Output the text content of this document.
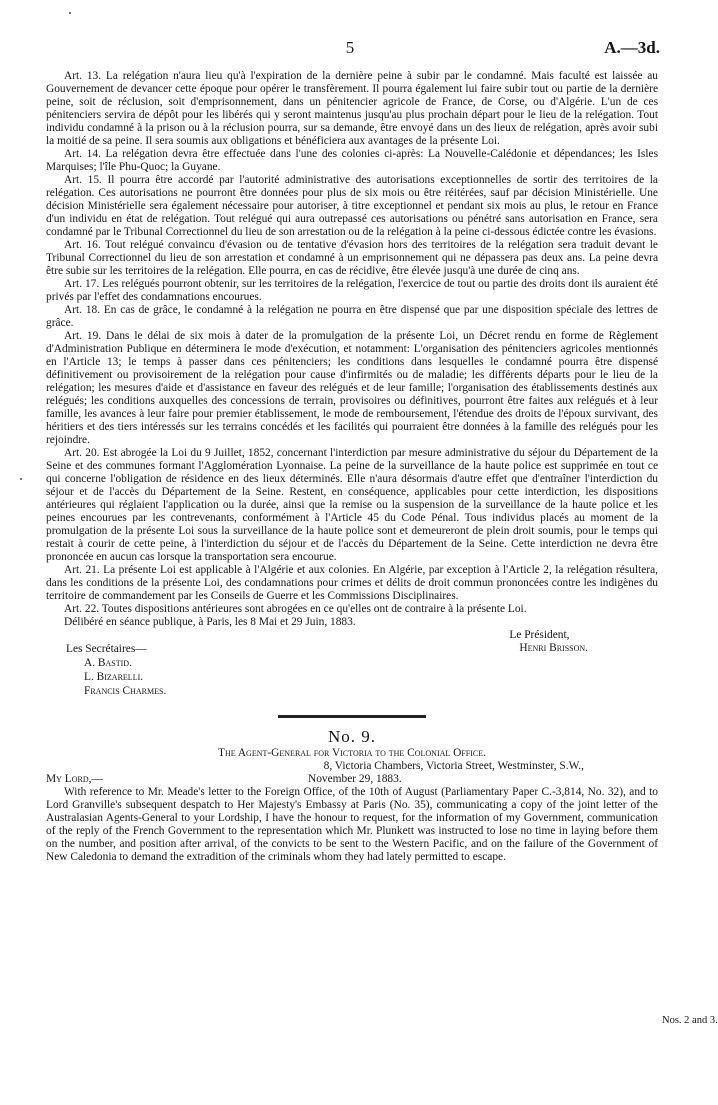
5	A.—3d.

Art. 13. La relégation n'aura lieu qu'à l'expiration de la dernière peine à subir par le condamné. Mais faculté est laissée au Gouvernement de devancer cette époque pour opérer le transfèrement. Il pourra également lui faire subir tout ou partie de la dernière peine, soit de réclusion, soit d'emprisonnement, dans un pénitencier agricole de France, de Corse, ou d'Algérie. L'un de ces pénitenciers servira de dépôt pour les libérés qui y seront maintenus jusqu'au plus prochain départ pour le lieu de la relégation. Tout individu condamné à la prison ou à la réclusion pourra, sur sa demande, être envoyé dans un des lieux de relégation, après avoir subi la moitié de sa peine. Il sera soumis aux obligations et bénéficiera aux avantages de la présente Loi.

Art. 14. La relégation devra être effectuée dans l'une des colonies ci-après: La Nouvelle-Calédonie et dépendances; les Isles Marquises; l'île Phu-Quoc; la Guyane.

Art. 15. Il pourra être accordé par l'autorité administrative des autorisations exceptionnelles de sortir des territoires de la relégation. Ces autorisations ne pourront être données pour plus de six mois ou être réitérées, sauf par décision Ministérielle. Une décision Ministérielle sera également nécessaire pour autoriser, à titre exceptionnel et pendant six mois au plus, le retour en France d'un individu en état de relégation. Tout relégué qui aura outrepassé ces autorisations ou pénétré sans autorisation en France, sera condamné par le Tribunal Correctionnel du lieu de son arrestation ou de la relégation à la peine ci-dessous édictée contre les évasions.

Art. 16. Tout relégué convaincu d'évasion ou de tentative d'évasion hors des territoires de la relégation sera traduit devant le Tribunal Correctionnel du lieu de son arrestation et condamné à un emprisonnement qui ne dépassera pas deux ans. La peine devra être subie sur les territoires de la relégation. Elle pourra, en cas de récidive, être élevée jusqu'à une durée de cinq ans.

Art. 17. Les relégués pourront obtenir, sur les territoires de la relégation, l'exercice de tout ou partie des droits dont ils auraient été privés par l'effet des condamnations encourues.

Art. 18. En cas de grâce, le condamné à la relégation ne pourra en être dispensé que par une disposition spéciale des lettres de grâce.

Art. 19. Dans le délai de six mois à dater de la promulgation de la présente Loi, un Décret rendu en forme de Règlement d'Administration Publique en déterminera le mode d'exécution, et notamment: L'organisation des pénitenciers agricoles mentionnés en l'Article 13; le temps à passer dans ces pénitenciers; les conditions dans lesquelles le condamné pourra être dispensé définitivement ou provisoirement de la relégation pour cause d'infirmités ou de maladie; les différents départs pour le lieu de la relégation; les mesures d'aide et d'assistance en faveur des relégués et de leur famille; l'organisation des établissements destinés aux relégués; les conditions auxquelles des concessions de terrain, provisoires ou définitives, pourront être faites aux relégués et à leur famille, les avances à leur faire pour premier établissement, le mode de remboursement, l'étendue des droits de l'époux survivant, des héritiers et des tiers intéressés sur les terrains concédés et les facilités qui pourraient être données à la famille des relégués pour les rejoindre.

Art. 20. Est abrogée la Loi du 9 Juillet, 1852, concernant l'interdiction par mesure administrative du séjour du Département de la Seine et des communes formant l'Agglomération Lyonnaise. La peine de la surveillance de la haute police est supprimée en tout ce qui concerne l'obligation de résidence en des lieux déterminés. Elle n'aura désormais d'autre effet que d'entraîner l'interdiction du séjour et de l'accès du Département de la Seine. Restent, en conséquence, applicables pour cette interdiction, les dispositions antérieures qui réglaient l'application ou la durée, ainsi que la remise ou la suspension de la surveillance de la haute police et les peines encourues par les contrevenants, conformément à l'Article 45 du Code Pénal. Tous individus placés au moment de la promulgation de la présente Loi sous la surveillance de la haute police sont et demeureront de plein droit soumis, pour le temps qui restait à courir de cette peine, à l'interdiction du séjour et de l'accès du Département de la Seine. Cette interdiction ne devra être prononcée en aucun cas lorsque la transportation sera encourue.

Art. 21. La présente Loi est applicable à l'Algérie et aux colonies. En Algérie, par exception à l'Article 2, la relégation résultera, dans les conditions de la présente Loi, des condamnations pour crimes et délits de droit commun prononcées contre les indigènes du territoire de commandement par les Conseils de Guerre et les Commissions Disciplinaires.

Art. 22. Toutes dispositions antérieures sont abrogées en ce qu'elles ont de contraire à la présente Loi.

Délibéré en séance publique, à Paris, les 8 Mai et 29 Juin, 1883.

Le Président,
Henri Brisson.
Les Secrétaires—
A. Bastid.
L. Bizarelli.
Francis Charmes.
No. 9.
The Agent-General for Victoria to the Colonial Office.
8, Victoria Chambers, Victoria Street, Westminster, S.W.,
My Lord,—	November 29, 1883.

With reference to Mr. Meade's letter to the Foreign Office, of the 10th of August (Parliamentary Paper C.-3,814, No. 32), and to Lord Granville's subsequent despatch to Her Majesty's Embassy at Paris (No. 35), communicating a copy of the joint letter of the Australasian Agents-General to your Lordship, I have the honour to request, for the information of my Government, communication of the reply of the French Government to the representation which Mr. Plunkett was instructed to lose no time in laying before them on the number, and position after arrival, of the convicts to be sent to the Western Pacific, and on the failure of the Government of New Caledonia to demand the extradition of the criminals whom they had lately permitted to escape.

Nos. 2 and 3.
